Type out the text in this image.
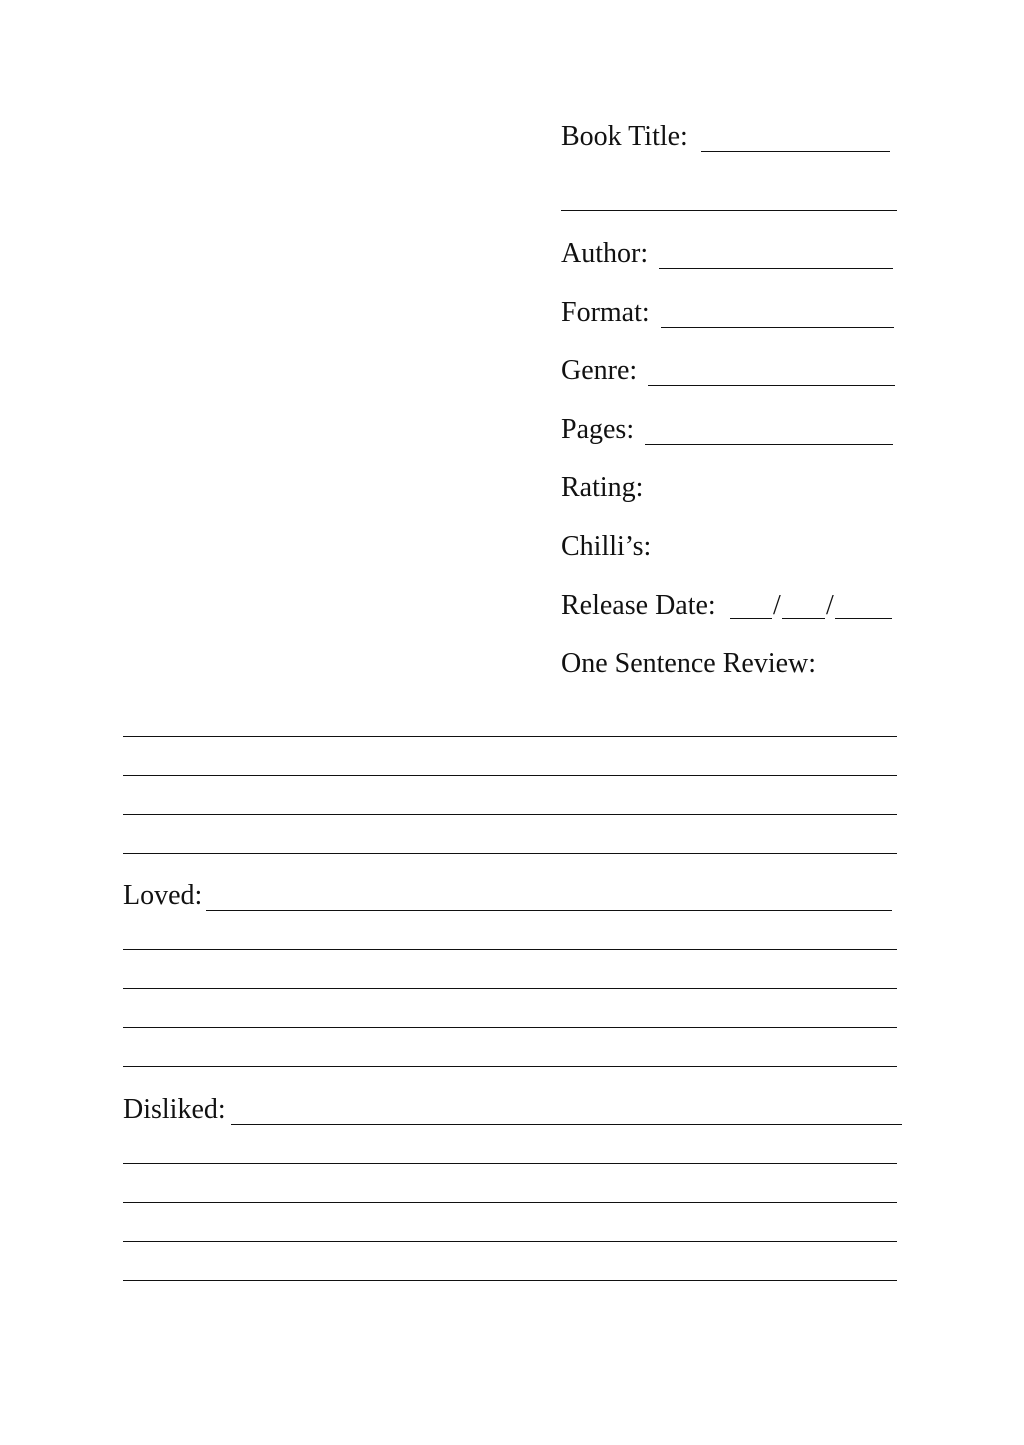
Book Title:
Author:
Format:
Genre:
Pages:
Rating:
Chilli’s:
Release Date: / /
One Sentence Review:
Loved:
Disliked:
